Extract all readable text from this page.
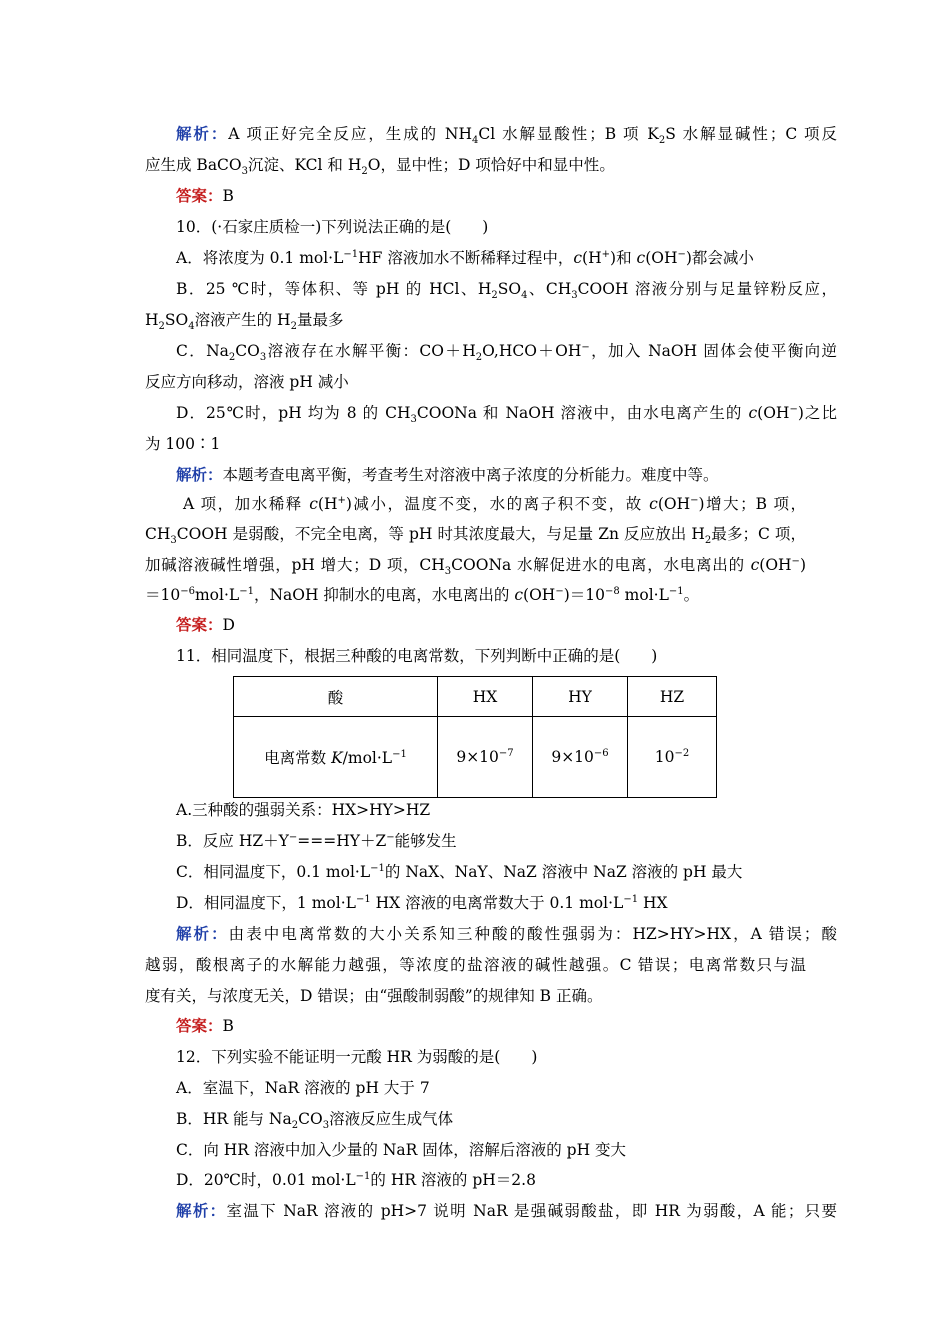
解析：A 项正好完全反应，生成的 $NH_4Cl$ 水解显酸性；B 项 $K_2S$ 水解显碱性；C 项反
应生成 BaCO$_3$沉淀、KCl 和 $H_2O$，显中性；D 项恰好中和显中性。
答案：B
10．(·石家庄质检一)下列说法正确的是(　　)
A．将浓度为 0.1 $mol\cdot L^{-1}HF$ 溶液加水不断稀释过程中，c(H+)和 c(OH−)都会减小
B．25 ℃时，等体积、等 pH 的 HCl、$H_2SO_4$、$CH_3COOH$ 溶液分别与足量锌粉反应，
$H_2SO_4$溶液产生的 $H_2$量最多
C．$Na_2CO_3$溶液存在水解平衡：$CO+H_2O,HCO+OH^-$，加入 NaOH 固体会使平衡向逆
反应方向移动，溶液 pH 减小
D．25℃时，pH 均为 8 的 $CH_3COONa$ 和 NaOH 溶液中，由水电离产生的 c(OH−)之比
为 100∶1
解析：本题考查电离平衡，考查考生对溶液中离子浓度的分析能力。难度中等。
A 项，加水稀释 c(H+)减小，温度不变，水的离子积不变，故 c(OH−)增大；B 项，
$CH_3COOH$ 是弱酸，不完全电离，等 pH 时其浓度最大，与足量 Zn 反应放出 $H_2$最多；C 项，
加碱溶液碱性增强，pH 增大；D 项，$CH_3COONa$ 水解促进水的电离，水电离出的 c(OH−)
$=10^{-6}mol\cdot L^{-1}$，NaOH 抑制水的电离，水电离出的 $c(OH^-)=10^{-8}$ $mol\cdot L^{-1}$。
答案：D
11．相同温度下，根据三种酸的电离常数，下列判断中正确的是(　　)
酸	HX	HY	HZ
电离常数 $K/mol\cdot L^{-1}$	$9\times 10^{-7}$	$9\times 10^{-6}$	$10^{-2}$
A.三种酸的强弱关系：HX>HY>HZ
B．反应 HZ＋Y−===HY＋Z−能够发生
C．相同温度下，0.1 $mol\cdot L^{-1}$的 NaX、NaY、NaZ 溶液中 NaZ 溶液的 pH 最大
D．相同温度下，1 $mol\cdot L^{-1}$ HX 溶液的电离常数大于 0.1 $mol\cdot L^{-1}$ HX
解析：由表中电离常数的大小关系知三种酸的酸性强弱为：HZ>HY>HX，A 错误；酸
越弱，酸根离子的水解能力越强，等浓度的盐溶液的碱性越强。C 错误；电离常数只与温
度有关，与浓度无关，D 错误；由“强酸制弱酸”的规律知 B 正确。
答案：B
12．下列实验不能证明一元酸 HR 为弱酸的是(　　)
A．室温下，NaR 溶液的 pH 大于 7
B．HR 能与 $Na_2CO_3$溶液反应生成气体
C．向 HR 溶液中加入少量的 NaR 固体，溶解后溶液的 pH 变大
D．20℃时，0.01 $mol\cdot L^{-1}$的 HR 溶液的 pH＝2.8
解析：室温下 NaR 溶液的 pH>7 说明 NaR 是强碱弱酸盐，即 HR 为弱酸，A 能；只要
